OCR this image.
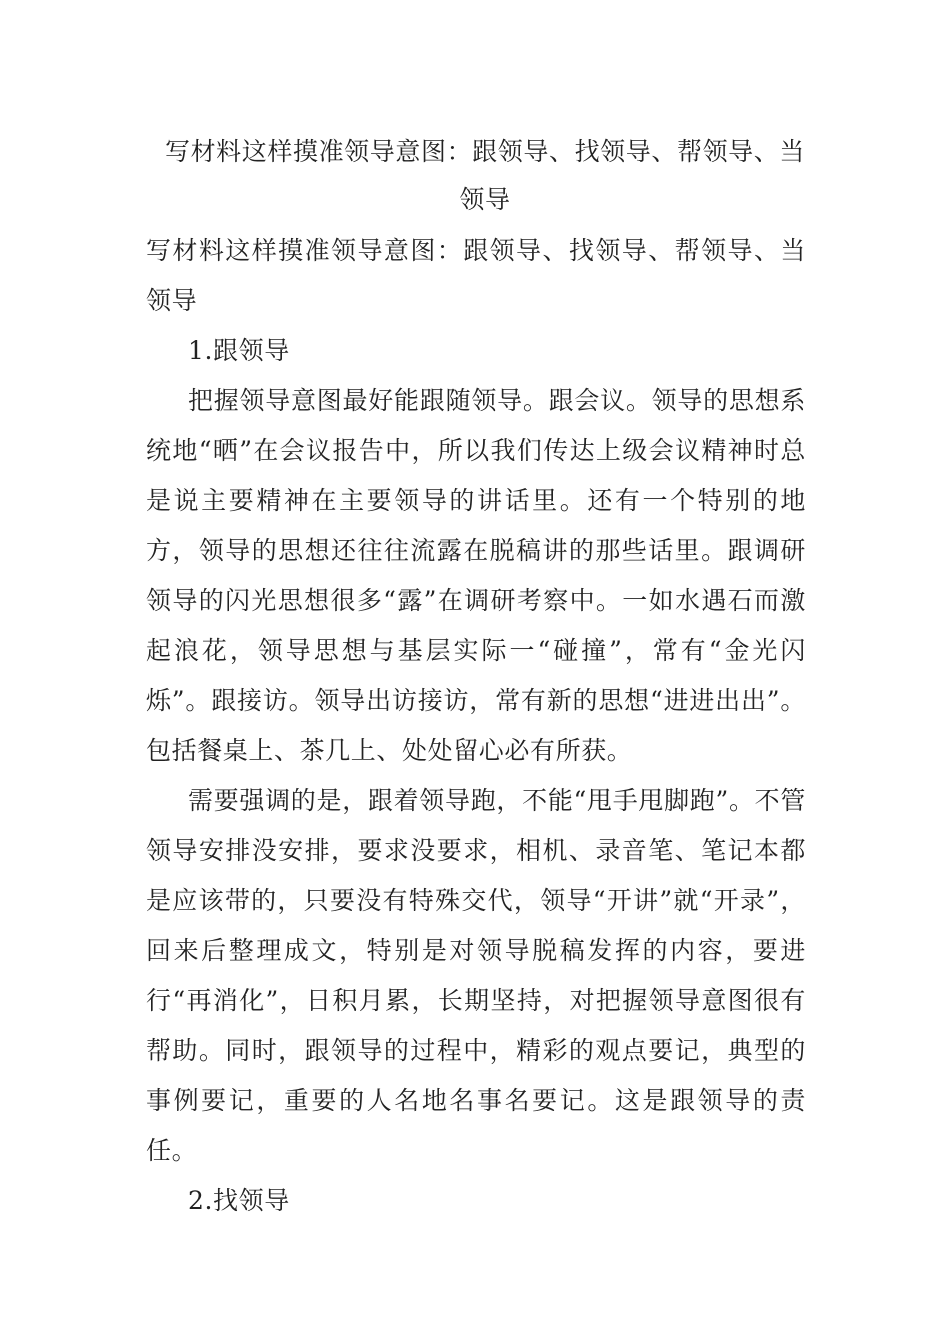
写材料这样摸准领导意图：跟领导、找领导、帮领导、当领导

写材料这样摸准领导意图：跟领导、找领导、帮领导、当领导

1.跟领导

把握领导意图最好能跟随领导。跟会议。领导的思想系统地“晒”在会议报告中，所以我们传达上级会议精神时总是说主要精神在主要领导的讲话里。还有一个特别的地方，领导的思想还往往流露在脱稿讲的那些话里。跟调研领导的闪光思想很多“露”在调研考察中。一如水遇石而激起浪花，领导思想与基层实际一“碰撞”，常有“金光闪烁”。跟接访。领导出访接访，常有新的思想“进进出出”。包括餐桌上、茶几上、处处留心必有所获。

需要强调的是，跟着领导跑，不能“甩手甩脚跑”。不管领导安排没安排，要求没要求，相机、录音笔、笔记本都是应该带的，只要没有特殊交代，领导“开讲”就“开录”，回来后整理成文，特别是对领导脱稿发挥的内容，要进行“再消化”，日积月累，长期坚持，对把握领导意图很有帮助。同时，跟领导的过程中，精彩的观点要记，典型的事例要记，重要的人名地名事名要记。这是跟领导的责任。

2.找领导
